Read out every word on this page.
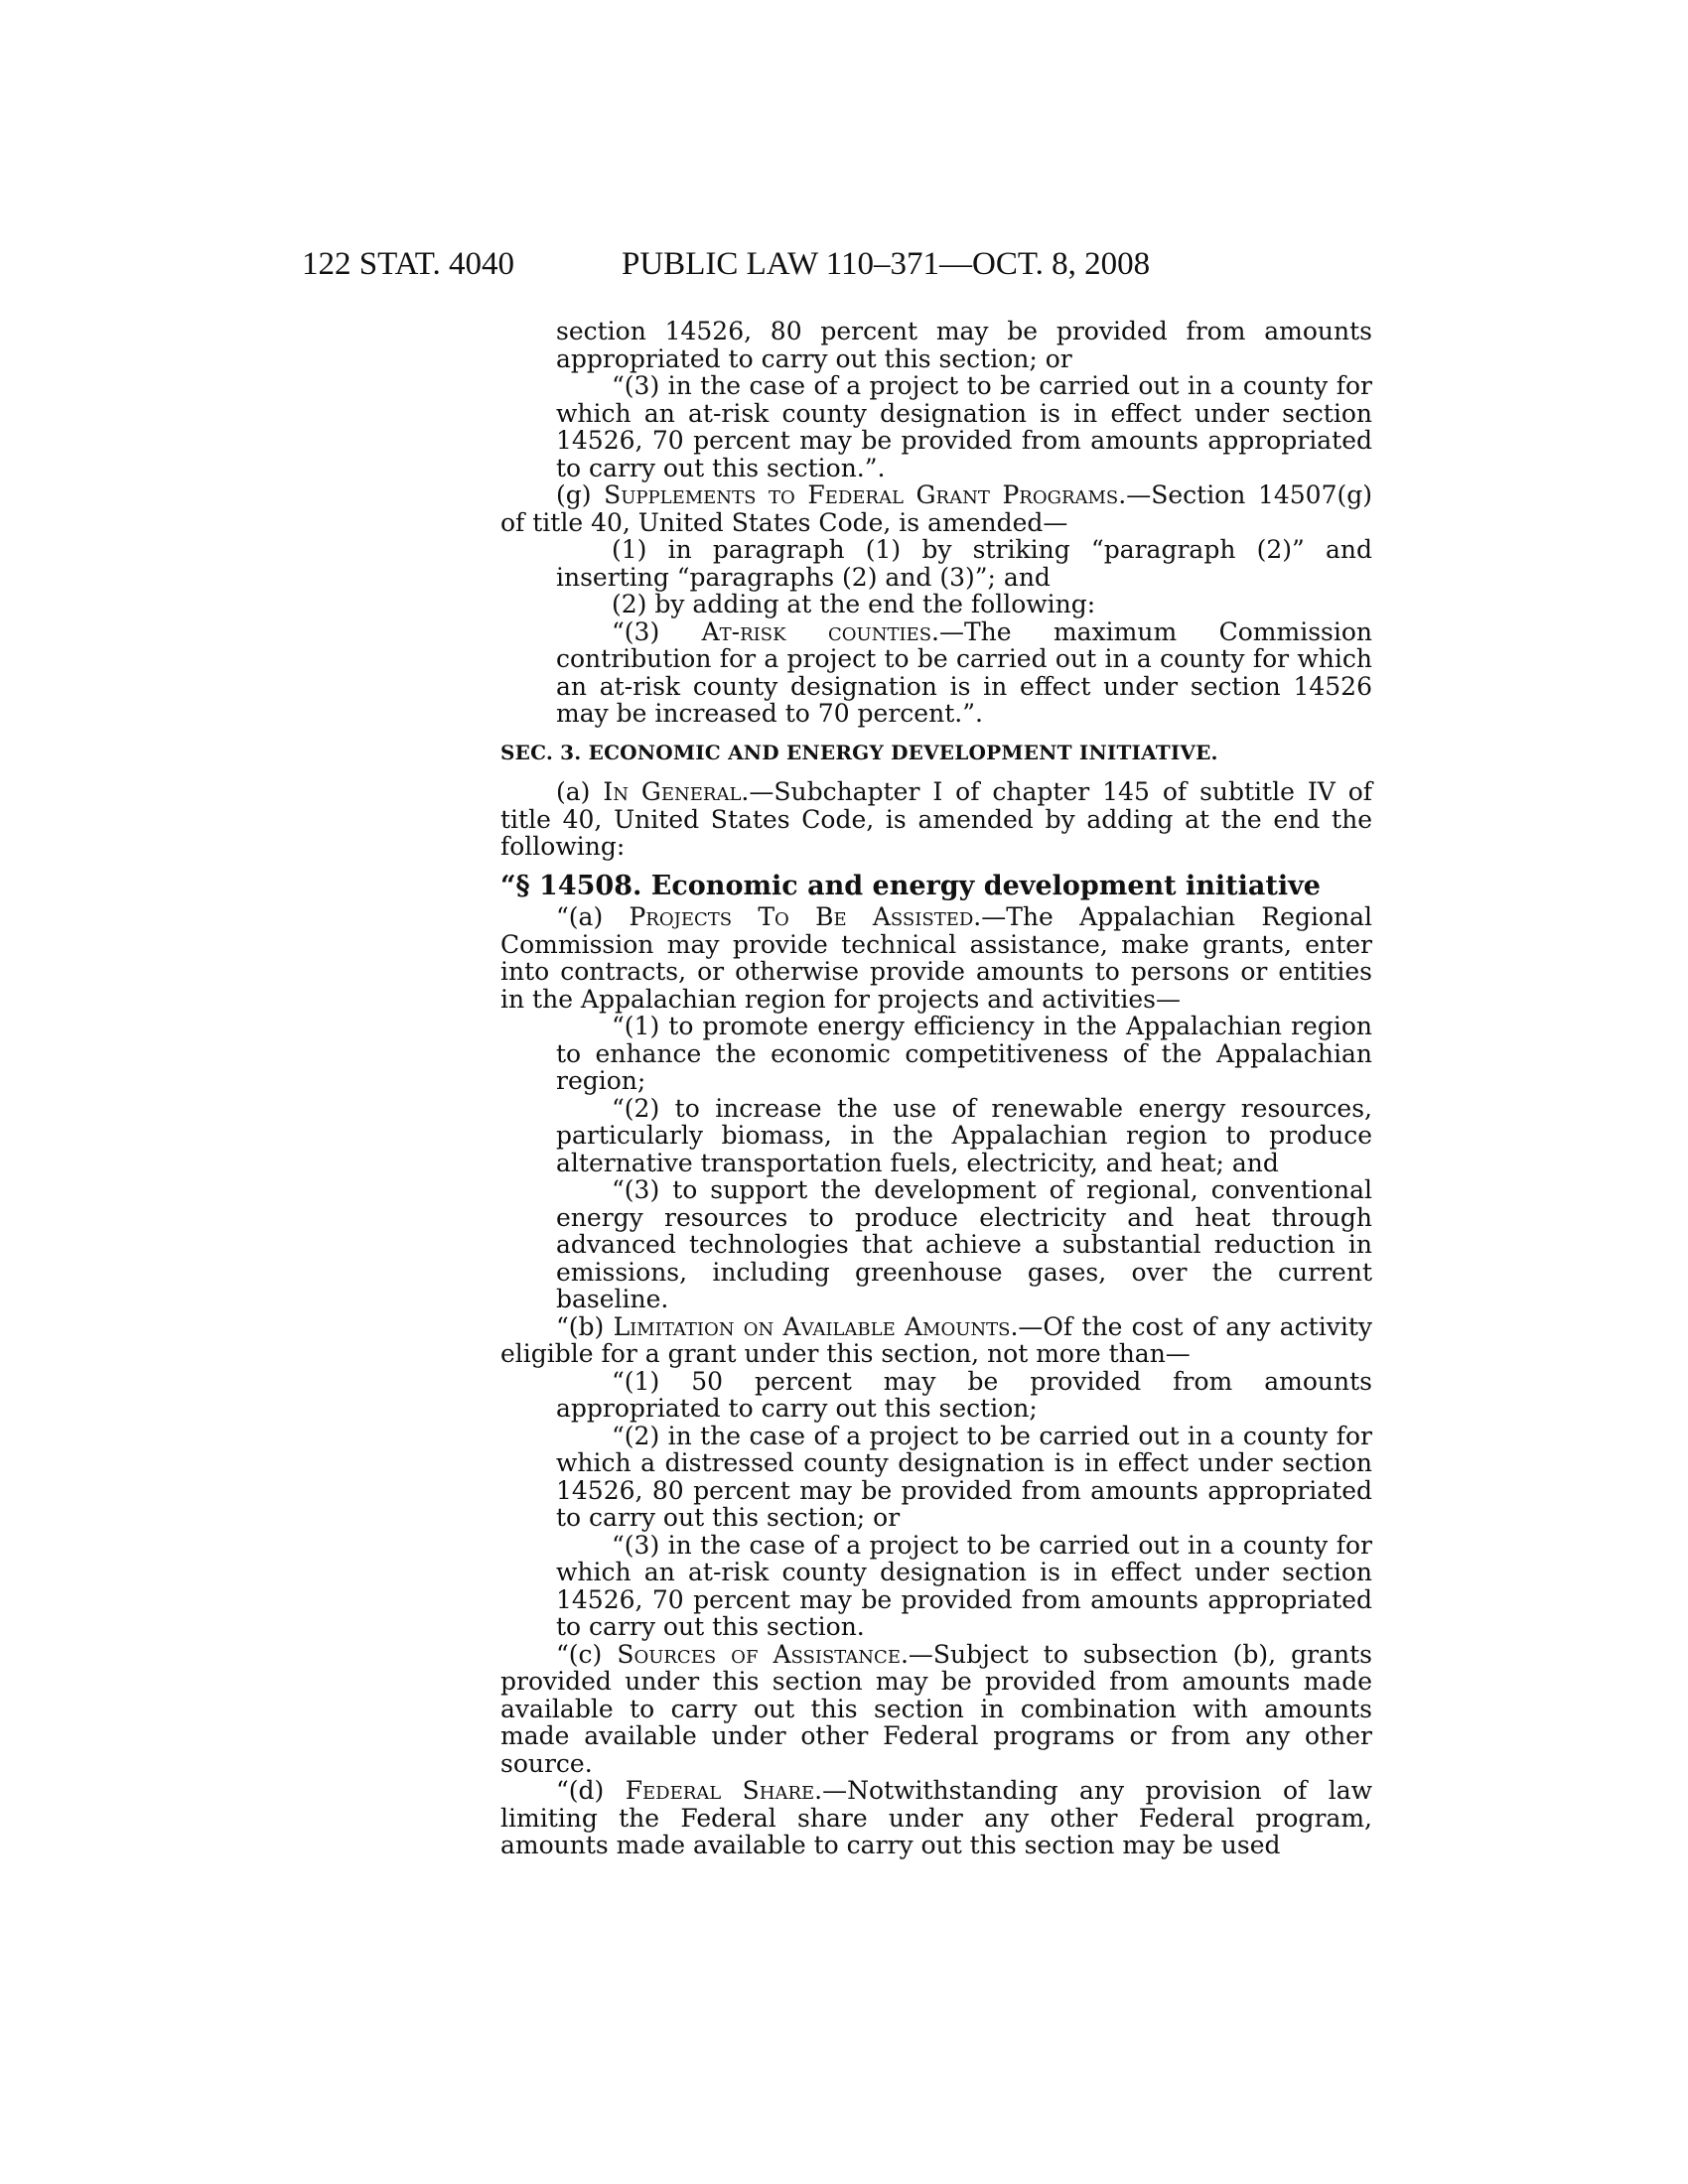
122 STAT. 4040	PUBLIC LAW 110–371—OCT. 8, 2008

section 14526, 80 percent may be provided from amounts appropriated to carry out this section; or

“(3) in the case of a project to be carried out in a county for which an at-risk county designation is in effect under section 14526, 70 percent may be provided from amounts appropriated to carry out this section.”.

(g) Supplements to Federal Grant Programs.—Section 14507(g) of title 40, United States Code, is amended—

(1) in paragraph (1) by striking “paragraph (2)” and inserting “paragraphs (2) and (3)”; and

(2) by adding at the end the following:

“(3) At-risk counties.—The maximum Commission contribution for a project to be carried out in a county for which an at-risk county designation is in effect under section 14526 may be increased to 70 percent.”.

SEC. 3. ECONOMIC AND ENERGY DEVELOPMENT INITIATIVE.

(a) In General.—Subchapter I of chapter 145 of subtitle IV of title 40, United States Code, is amended by adding at the end the following:

“§ 14508. Economic and energy development initiative

“(a) Projects To Be Assisted.—The Appalachian Regional Commission may provide technical assistance, make grants, enter into contracts, or otherwise provide amounts to persons or entities in the Appalachian region for projects and activities—

“(1) to promote energy efficiency in the Appalachian region to enhance the economic competitiveness of the Appalachian region;

“(2) to increase the use of renewable energy resources, particularly biomass, in the Appalachian region to produce alternative transportation fuels, electricity, and heat; and

“(3) to support the development of regional, conventional energy resources to produce electricity and heat through advanced technologies that achieve a substantial reduction in emissions, including greenhouse gases, over the current baseline.

“(b) Limitation on Available Amounts.—Of the cost of any activity eligible for a grant under this section, not more than—

“(1) 50 percent may be provided from amounts appropriated to carry out this section;

“(2) in the case of a project to be carried out in a county for which a distressed county designation is in effect under section 14526, 80 percent may be provided from amounts appropriated to carry out this section; or

“(3) in the case of a project to be carried out in a county for which an at-risk county designation is in effect under section 14526, 70 percent may be provided from amounts appropriated to carry out this section.

“(c) Sources of Assistance.—Subject to subsection (b), grants provided under this section may be provided from amounts made available to carry out this section in combination with amounts made available under other Federal programs or from any other source.

“(d) Federal Share.—Notwithstanding any provision of law limiting the Federal share under any other Federal program, amounts made available to carry out this section may be used
